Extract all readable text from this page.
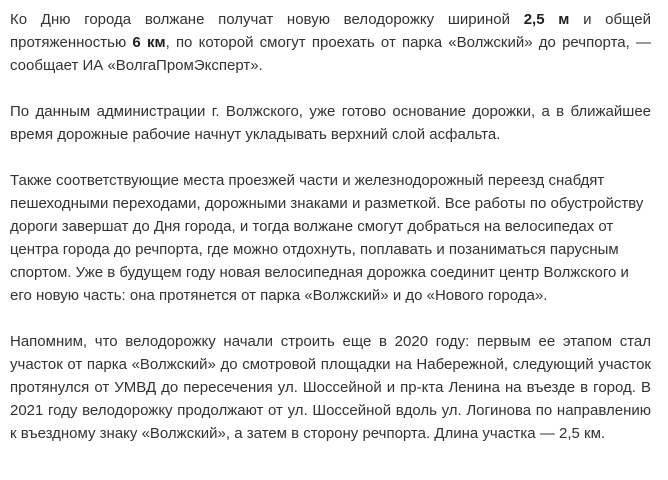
Ко Дню города волжане получат новую велодорожку шириной 2,5 м и общей протяженностью 6 км, по которой смогут проехать от парка «Волжский» до речпорта, — сообщает ИА «ВолгаПромЭксперт».

По данным администрации г. Волжского, уже готово основание дорожки, а в ближайшее время дорожные рабочие начнут укладывать верхний слой асфальта.

Также соответствующие места проезжей части и железнодорожный переезд снабдят пешеходными переходами, дорожными знаками и разметкой. Все работы по обустройству дороги завершат до Дня города, и тогда волжане смогут добраться на велосипедах от центра города до речпорта, где можно отдохнуть, поплавать и позаниматься парусным спортом. Уже в будущем году новая велосипедная дорожка соединит центр Волжского и его новую часть: она протянется от парка «Волжский» и до «Нового города».

Напомним, что велодорожку начали строить еще в 2020 году: первым ее этапом стал участок от парка «Волжский» до смотровой площадки на Набережной, следующий участок протянулся от УМВД до пересечения ул. Шоссейной и пр-кта Ленина на въезде в город. В 2021 году велодорожку продолжают от ул. Шоссейной вдоль ул. Логинова по направлению к въездному знаку «Волжский», а затем в сторону речпорта. Длина участка — 2,5 км.
